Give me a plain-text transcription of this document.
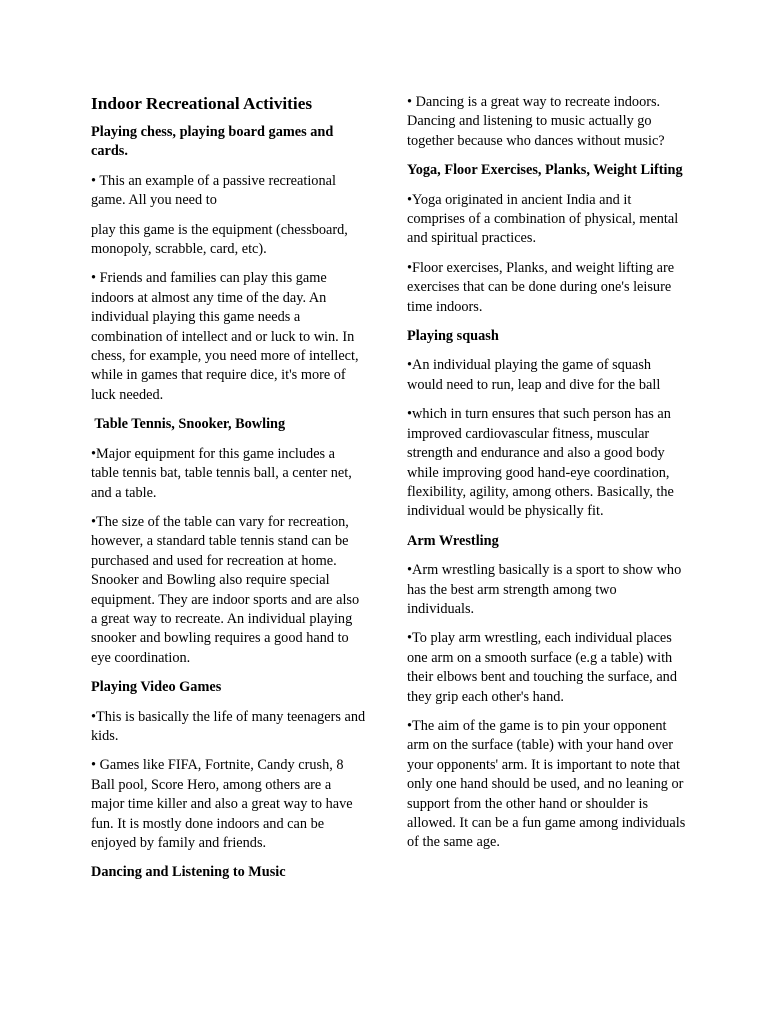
Indoor Recreational Activities
Playing chess, playing board games and cards.

• This an example of a passive recreational game. All you need to

play this game is the equipment (chessboard, monopoly, scrabble, card, etc).

• Friends and families can play this game indoors at almost any time of the day. An individual playing this game needs a combination of intellect and or luck to win. In chess, for example, you need more of intellect, while in games that require dice, it's more of luck needed.

Table Tennis, Snooker, Bowling

•Major equipment for this game includes a table tennis bat, table tennis ball, a center net, and a table.

•The size of the table can vary for recreation, however, a standard table tennis stand can be purchased and used for recreation at home. Snooker and Bowling also require special equipment. They are indoor sports and are also a great way to recreate. An individual playing snooker and bowling requires a good hand to eye coordination.

Playing Video Games

•This is basically the life of many teenagers and kids.

• Games like FIFA, Fortnite, Candy crush, 8 Ball pool, Score Hero, among others are a major time killer and also a great way to have fun. It is mostly done indoors and can be enjoyed by family and friends.

Dancing and Listening to Music

• Dancing is a great way to recreate indoors. Dancing and listening to music actually go together because who dances without music?

Yoga, Floor Exercises, Planks, Weight Lifting

•Yoga originated in ancient India and it comprises of a combination of physical, mental and spiritual practices.

•Floor exercises, Planks, and weight lifting are exercises that can be done during one's leisure time indoors.

Playing squash

•An individual playing the game of squash would need to run, leap and dive for the ball

•which in turn ensures that such person has an improved cardiovascular fitness, muscular strength and endurance and also a good body while improving good hand-eye coordination, flexibility, agility, among others. Basically, the individual would be physically fit.

Arm Wrestling

•Arm wrestling basically is a sport to show who has the best arm strength among two individuals.

•To play arm wrestling, each individual places one arm on a smooth surface (e.g a table) with their elbows bent and touching the surface, and they grip each other's hand.

•The aim of the game is to pin your opponent arm on the surface (table) with your hand over your opponents' arm. It is important to note that only one hand should be used, and no leaning or support from the other hand or shoulder is allowed. It can be a fun game among individuals of the same age.
